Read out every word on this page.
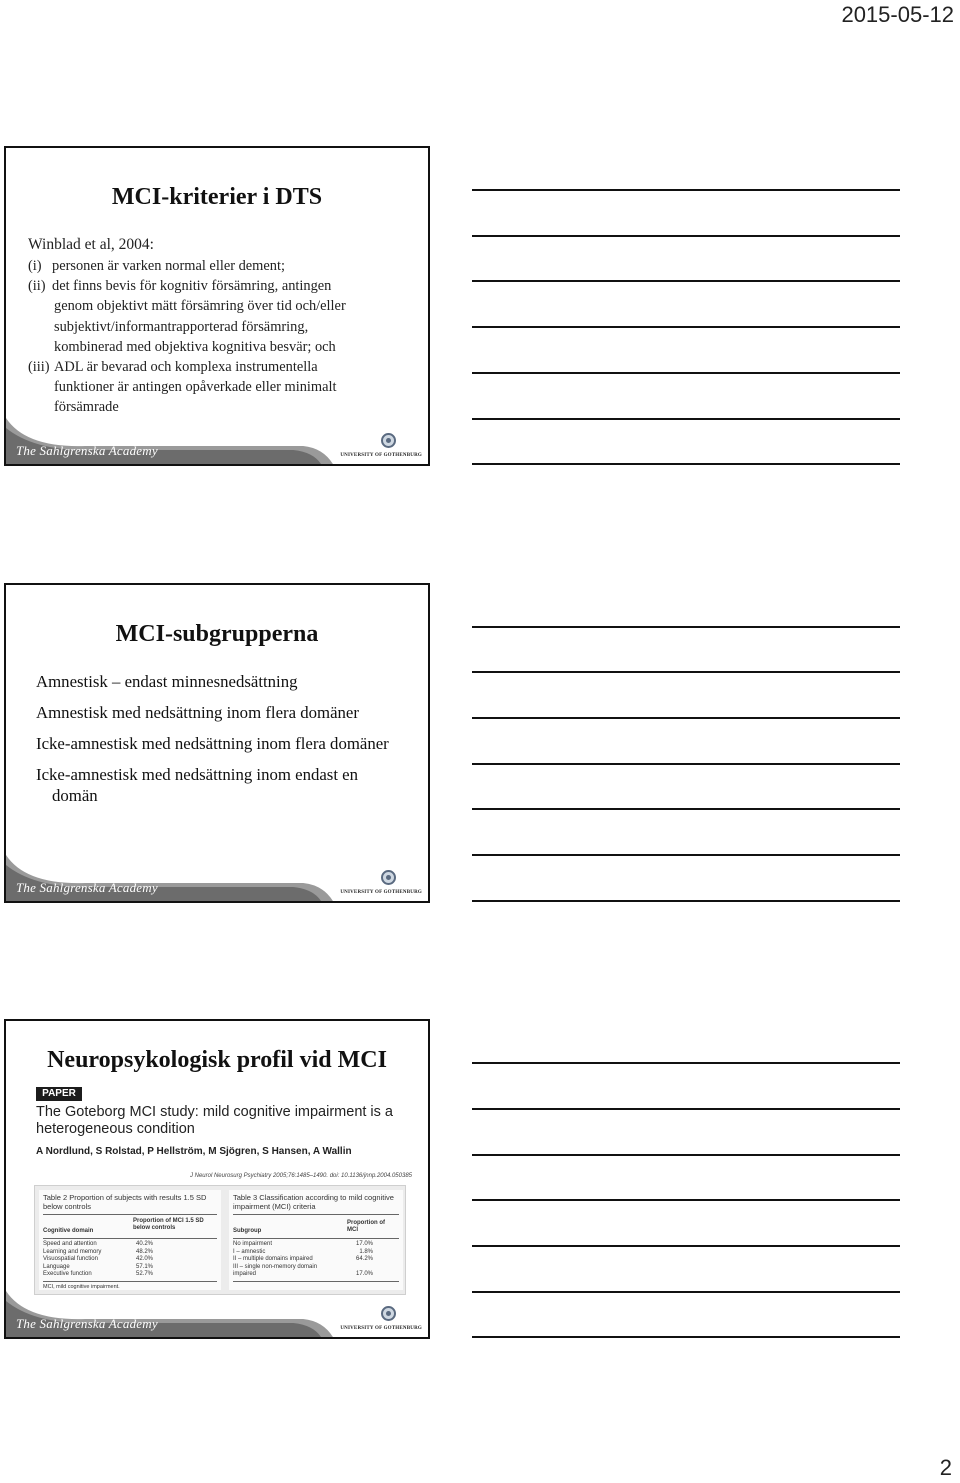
2015-05-12
MCI-kriterier i DTS
Winblad et al, 2004:
(i) personen är varken normal eller dement;
(ii) det finns bevis för kognitiv försämring, antingen
genom objektivt mätt försämring över tid och/eller
subjektivt/informantrapporterad försämring,
kombinerad med objektiva kognitiva besvär; och
(iii) ADL är bevarad och komplexa instrumentella
funktioner är antingen opåverkade eller minimalt
försämrade
The Sahlgrenska Academy	UNIVERSITY OF GOTHENBURG
MCI-subgrupperna
Amnestisk – endast minnesnedsättning
Amnestisk med nedsättning inom flera domäner
Icke-amnestisk med nedsättning inom flera domäner
Icke-amnestisk med nedsättning inom endast en domän
The Sahlgrenska Academy	UNIVERSITY OF GOTHENBURG
Neuropsykologisk profil vid MCI
PAPER
The Goteborg MCI study: mild cognitive impairment is a heterogeneous condition
A Nordlund, S Rolstad, P Hellström, M Sjögren, S Hansen, A Wallin
J Neurol Neurosurg Psychiatry 2005;76:1485–1490. doi: 10.1136/jnnp.2004.050385
Table 2 Proportion of subjects with results 1.5 SD below controls
Cognitive domain
Proportion of MCI 1.5 SD below controls
Speed and attention	40.2%
Learning and memory	48.2%
Visuospatial function	42.0%
Language	57.1%
Executive function	52.7%
MCI, mild cognitive impairment.
Table 3 Classification according to mild cognitive impairment (MCI) criteria
Subgroup
Proportion of MCI
No impairment	17.0%
I – amnestic	1.8%
II – multiple domains impaired	64.2%
III – single non-memory domain
impaired	17.0%
The Sahlgrenska Academy	UNIVERSITY OF GOTHENBURG
2
